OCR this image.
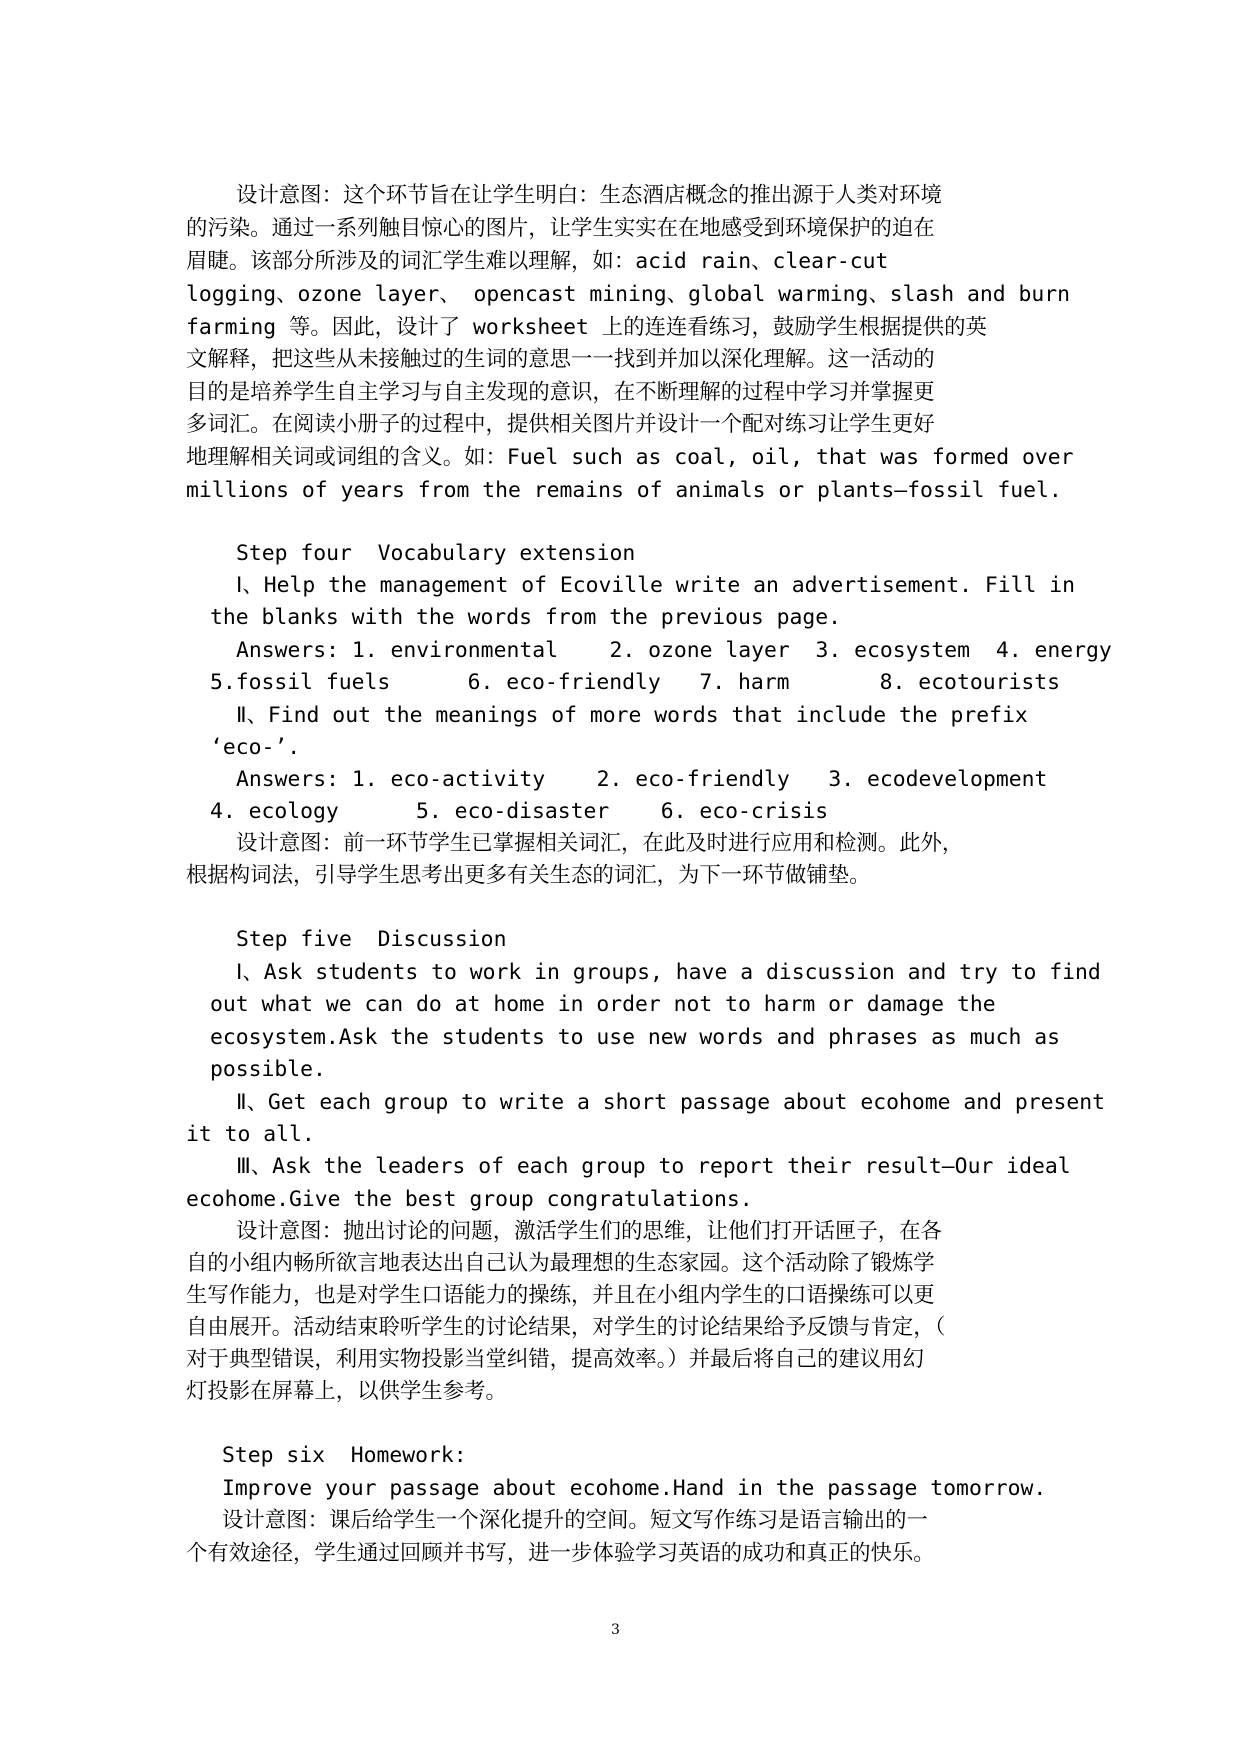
设计意图：这个环节旨在让学生明白：生态酒店概念的推出源于人类对环境
的污染。通过一系列触目惊心的图片，让学生实实在在地感受到环境保护的迫在
眉睫。该部分所涉及的词汇学生难以理解，如：acid rain、clear-cut
logging、ozone layer、 opencast mining、global warming、slash and burn
farming 等。因此，设计了 worksheet 上的连连看练习，鼓励学生根据提供的英
文解释，把这些从未接触过的生词的意思一一找到并加以深化理解。这一活动的
目的是培养学生自主学习与自主发现的意识，在不断理解的过程中学习并掌握更
多词汇。在阅读小册子的过程中，提供相关图片并设计一个配对练习让学生更好
地理解相关词或词组的含义。如：Fuel such as coal, oil, that was formed over
millions of years from the remains of animals or plants—fossil fuel.
Step four  Vocabulary extension
Ⅰ、Help the management of Ecoville write an advertisement. Fill in
the blanks with the words from the previous page.
Answers: 1. environmental    2. ozone layer  3. ecosystem  4. energy
5.fossil fuels      6. eco-friendly   7. harm       8. ecotourists
Ⅱ、Find out the meanings of more words that include the prefix
‘eco-’.
Answers: 1. eco-activity    2. eco-friendly   3. ecodevelopment
4. ecology      5. eco-disaster    6. eco-crisis
设计意图：前一环节学生已掌握相关词汇，在此及时进行应用和检测。此外，
根据构词法，引导学生思考出更多有关生态的词汇，为下一环节做铺垫。
Step five  Discussion
Ⅰ、Ask students to work in groups, have a discussion and try to find
out what we can do at home in order not to harm or damage the
ecosystem.Ask the students to use new words and phrases as much as
possible.
Ⅱ、Get each group to write a short passage about ecohome and present
it to all.
Ⅲ、Ask the leaders of each group to report their result—Our ideal
ecohome.Give the best group congratulations.
设计意图：抛出讨论的问题，激活学生们的思维，让他们打开话匣子，在各
自的小组内畅所欲言地表达出自己认为最理想的生态家园。这个活动除了锻炼学
生写作能力，也是对学生口语能力的操练，并且在小组内学生的口语操练可以更
自由展开。活动结束聆听学生的讨论结果，对学生的讨论结果给予反馈与肯定，（
对于典型错误，利用实物投影当堂纠错，提高效率。）并最后将自己的建议用幻
灯投影在屏幕上，以供学生参考。
Step six  Homework:
Improve your passage about ecohome.Hand in the passage tomorrow.
设计意图：课后给学生一个深化提升的空间。短文写作练习是语言输出的一
个有效途径，学生通过回顾并书写，进一步体验学习英语的成功和真正的快乐。
3
